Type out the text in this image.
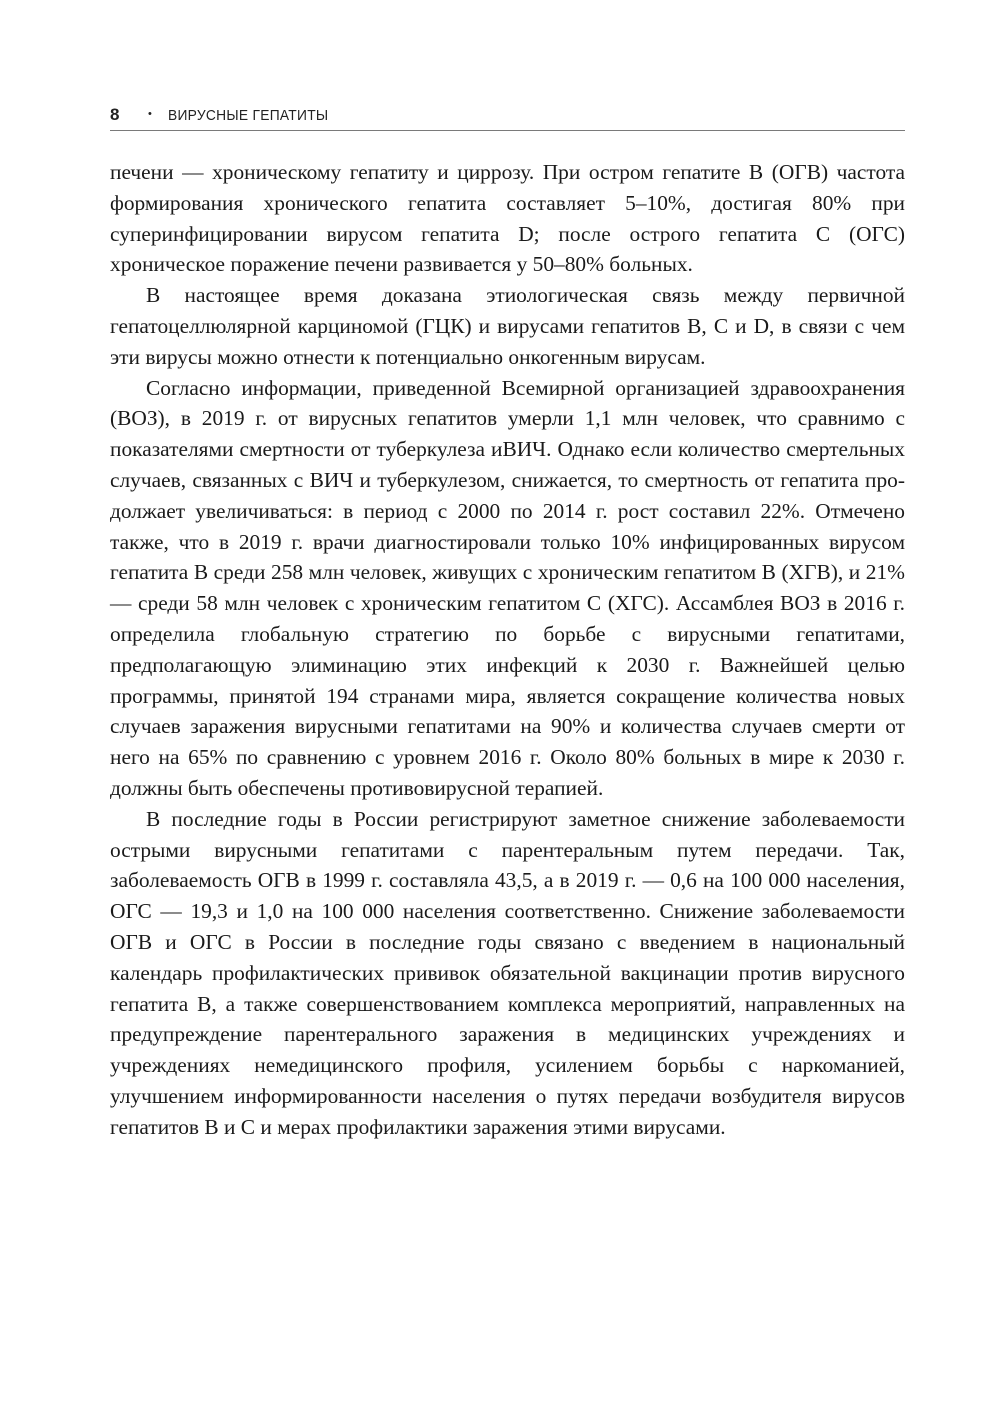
8	• ВИРУСНЫЕ ГЕПАТИТЫ

печени — хроническому гепатиту и циррозу. При остром гепатите В (ОГВ) частота формирования хронического гепатита составляет 5–10%, достигая 80% при суперинфицировании вирусом гепатита D; после острого гепатита С (ОГС) хроническое поражение печени развивается у 50–80% больных.

В настоящее время доказана этиологическая связь между первичной гепатоцеллюлярной карциномой (ГЦК) и вирусами гепатитов В, С и D, в связи с чем эти вирусы можно отнести к потенциально онкогенным вирусам.

Согласно информации, приведенной Всемирной организацией здравоохранения (ВОЗ), в 2019 г. от вирусных гепатитов умерли 1,1 млн человек, что сравнимо с показателями смертности от туберкулеза иВИЧ. Однако если количество смертельных случаев, связанных с ВИЧ и туберкулезом, снижается, то смертность от гепатита продолжает увеличиваться: в период с 2000 по 2014 г. рост составил 22%. Отмечено также, что в 2019 г. врачи диагностировали только 10% инфицированных вирусом гепатита В среди 258 млн человек, живущих с хроническим гепатитом В (ХГВ), и 21% — среди 58 млн человек с хроническим гепатитом С (ХГС). Ассамблея ВОЗ в 2016 г. определила глобальную стратегию по борьбе с вирусными гепатитами, предполагающую элиминацию этих инфекций к 2030 г. Важнейшей целью программы, принятой 194 странами мира, является сокращение количества новых случаев заражения вирусными гепатитами на 90% и количества случаев смерти от него на 65% по сравнению с уровнем 2016 г. Около 80% больных в мире к 2030 г. должны быть обеспечены противовирусной терапией.

В последние годы в России регистрируют заметное снижение заболеваемости острыми вирусными гепатитами с парентеральным путем передачи. Так, заболеваемость ОГВ в 1999 г. составляла 43,5, а в 2019 г. — 0,6 на 100 000 населения, ОГС — 19,3 и 1,0 на 100 000 населения соответственно. Снижение заболеваемости ОГВ и ОГС в России в последние годы связано с введением в национальный календарь профилактических прививок обязательной вакцинации против вирусного гепатита В, а также совершенствованием комплекса мероприятий, направленных на предупреждение парентерального заражения в медицинских учреждениях и учреждениях немедицинского профиля, усилением борьбы с наркоманией, улучшением информированности населения о путях передачи возбудителя вирусов гепатитов В и С и мерах профилактики заражения этими вирусами.
